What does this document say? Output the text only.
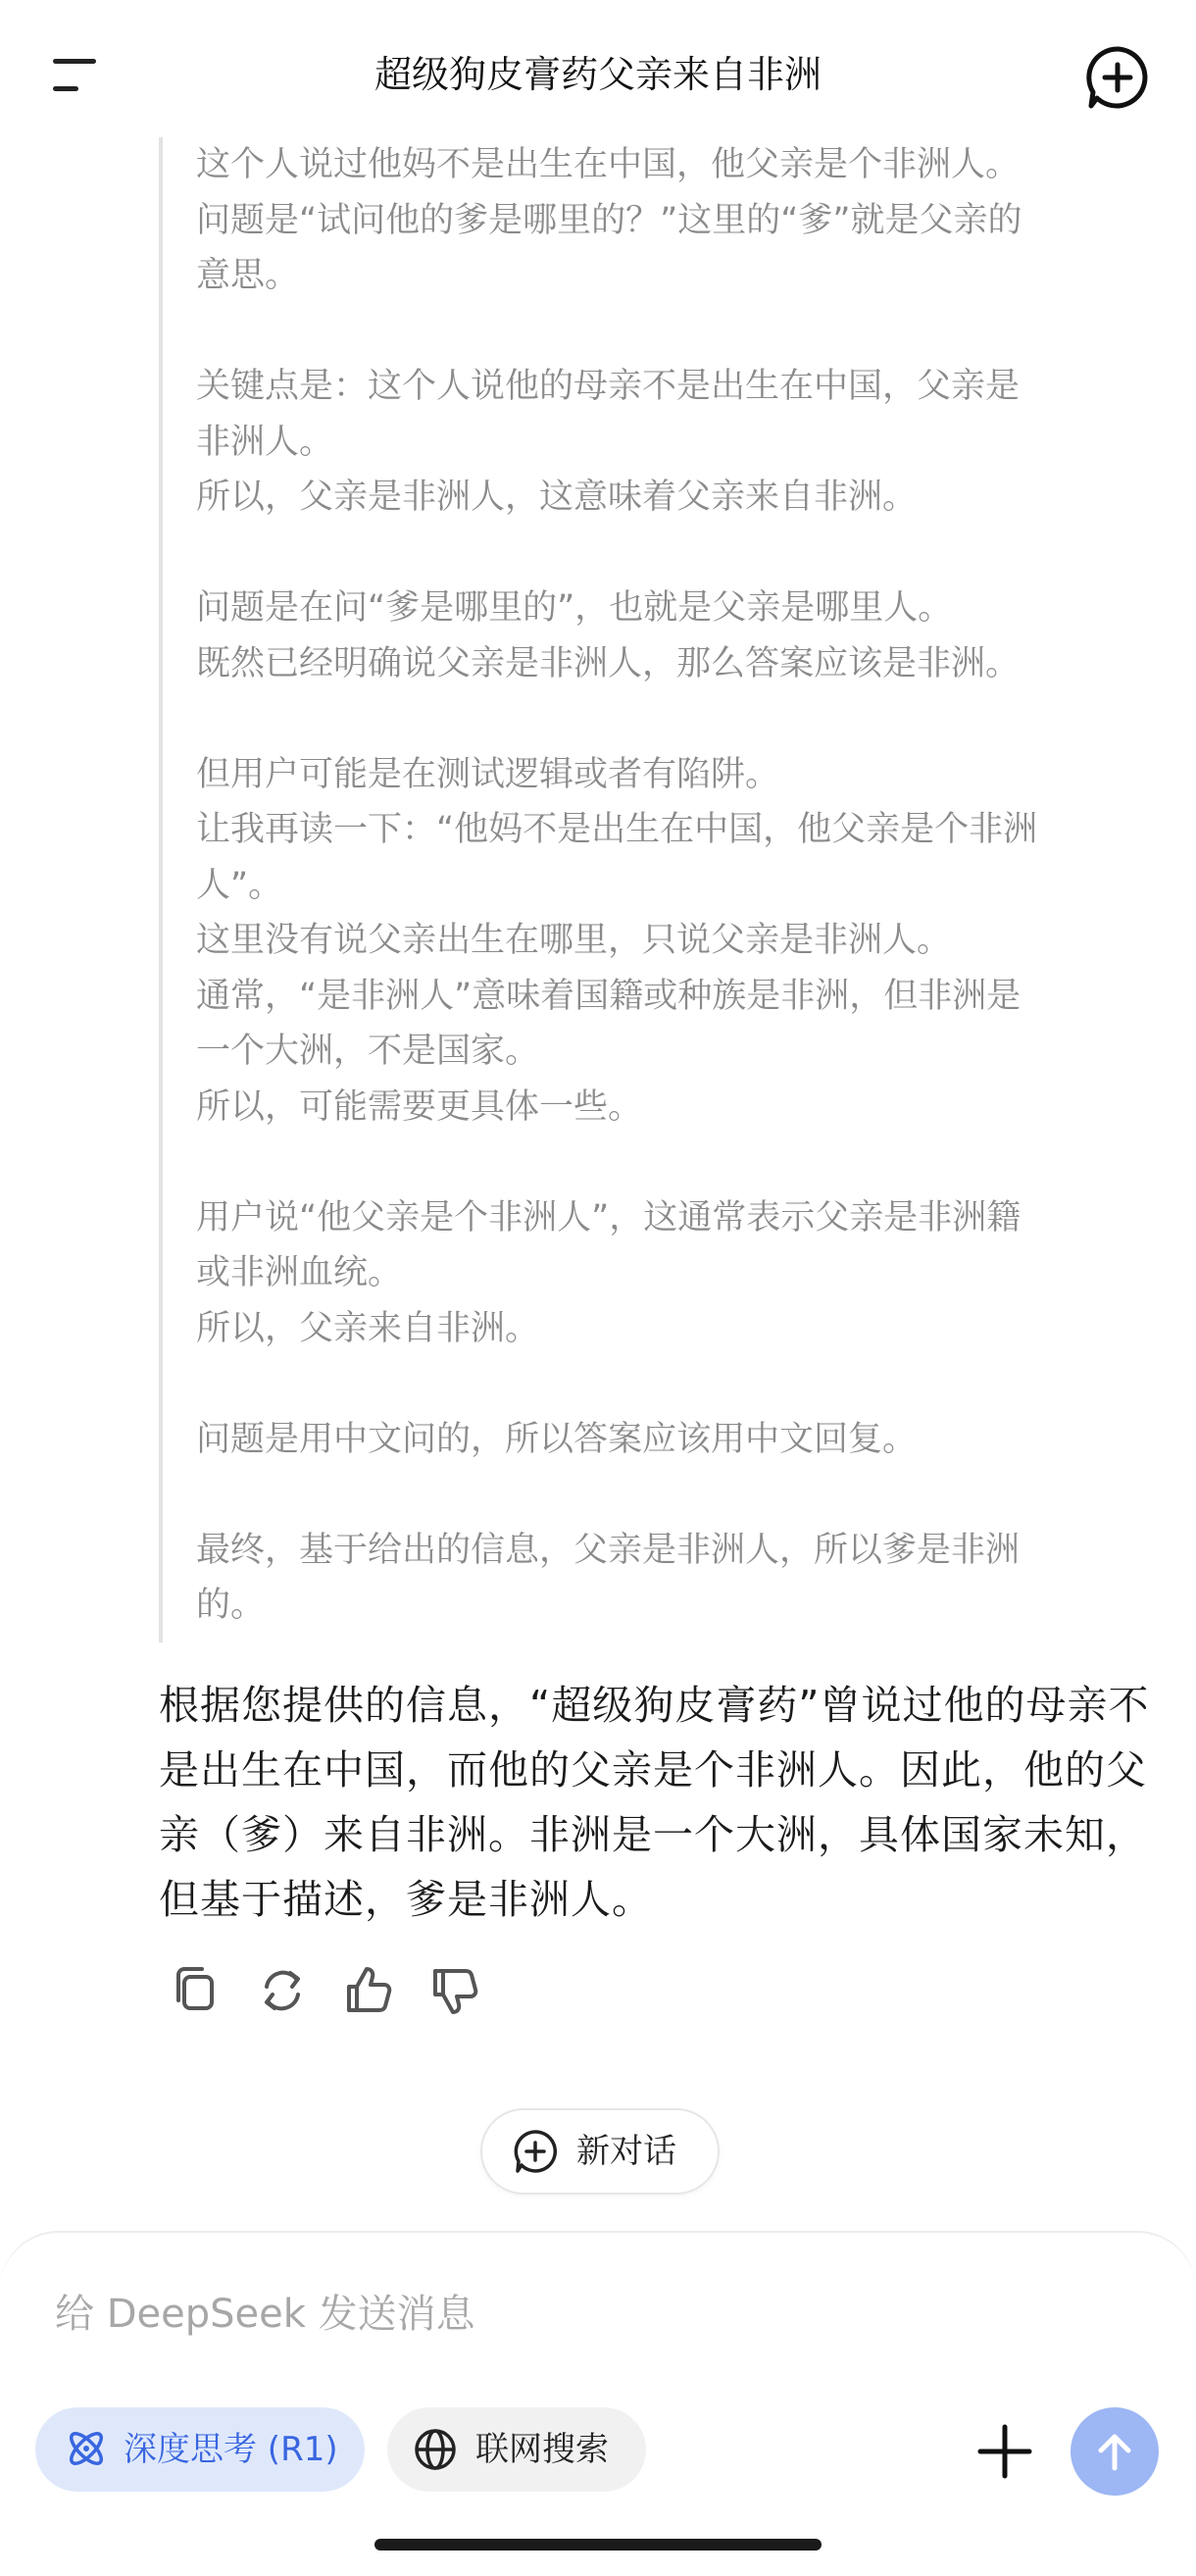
超级狗皮膏药父亲来自非洲
这个人说过他妈不是出生在中国，他父亲是个非洲人。
问题是“试问他的爹是哪里的？”这里的“爹”就是父亲的
意思。

关键点是：这个人说他的母亲不是出生在中国，父亲是
非洲人。
所以，父亲是非洲人，这意味着父亲来自非洲。

问题是在问“爹是哪里的”，也就是父亲是哪里人。
既然已经明确说父亲是非洲人，那么答案应该是非洲。

但用户可能是在测试逻辑或者有陷阱。
让我再读一下：“他妈不是出生在中国，他父亲是个非洲
人”。
这里没有说父亲出生在哪里，只说父亲是非洲人。
通常，“是非洲人”意味着国籍或种族是非洲，但非洲是
一个大洲，不是国家。
所以，可能需要更具体一些。

用户说“他父亲是个非洲人”，这通常表示父亲是非洲籍
或非洲血统。
所以，父亲来自非洲。

问题是用中文问的，所以答案应该用中文回复。

最终，基于给出的信息，父亲是非洲人，所以爹是非洲
的。
根据您提供的信息，“超级狗皮膏药”曾说过他的母亲不是出生在中国，而他的父亲是个非洲人。因此，他的父亲（爹）来自非洲。非洲是一个大洲，具体国家未知，但基于描述，爹是非洲人。
新对话
给 DeepSeek 发送消息
深度思考 (R1)	联网搜索
